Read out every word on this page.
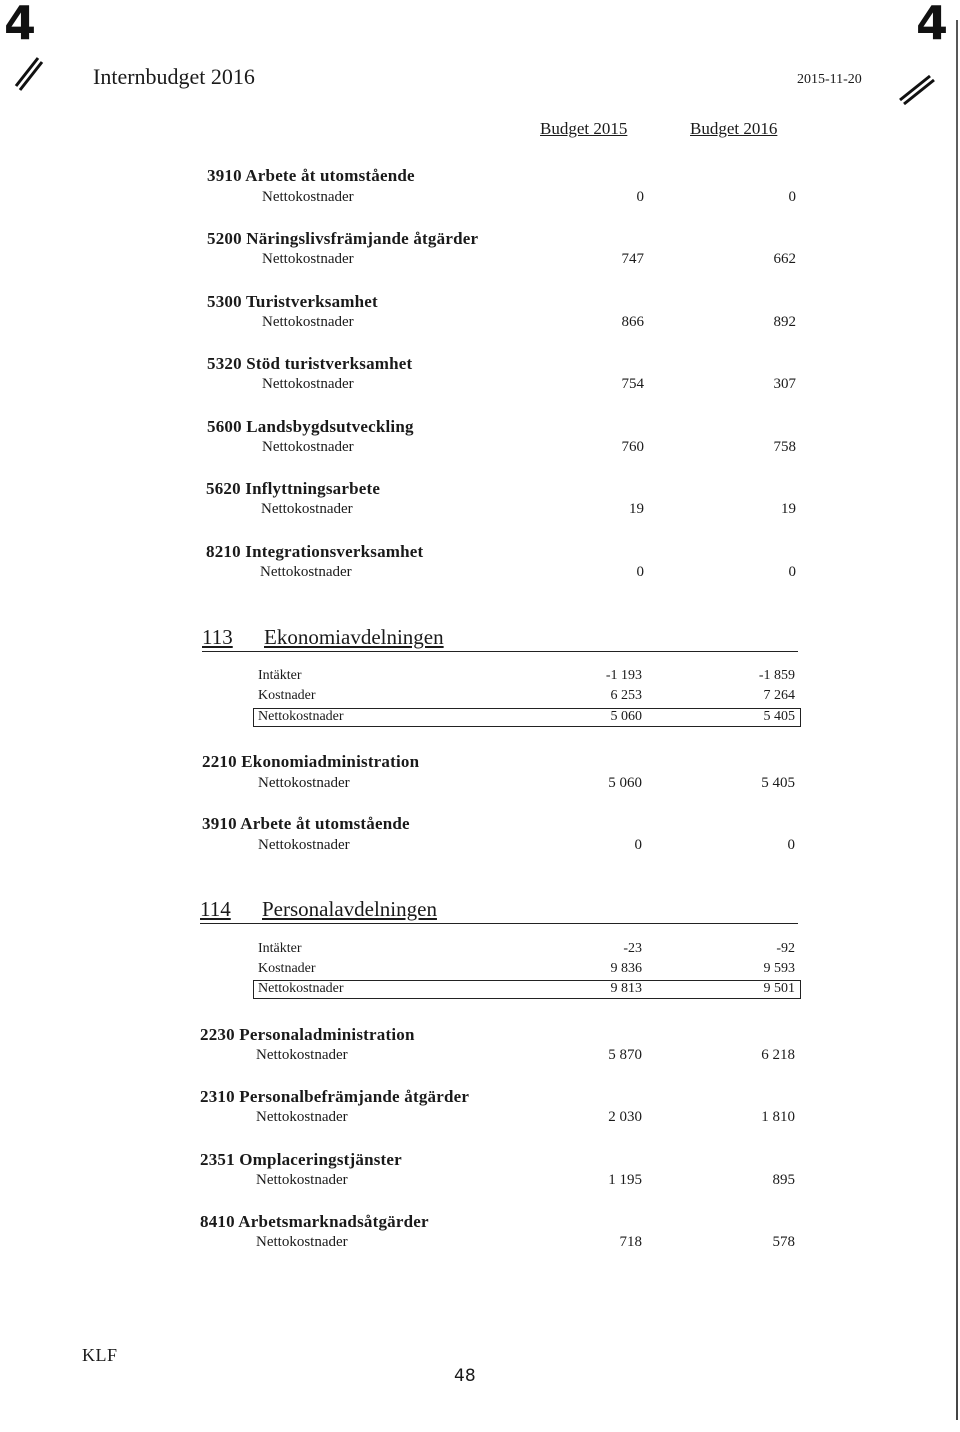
4	4
Internbudget 2016	2015-11-20
Budget 2015	Budget 2016
3910 Arbete åt utomstående
Nettokostnader	0	0
5200 Näringslivsfrämjande åtgärder
Nettokostnader	747	662
5300 Turistverksamhet
Nettokostnader	866	892
5320 Stöd turistverksamhet
Nettokostnader	754	307
5600 Landsbygdsutveckling
Nettokostnader	760	758
5620 Inflyttningsarbete
Nettokostnader	19	19
8210 Integrationsverksamhet
Nettokostnader	0	0
113 Ekonomiavdelningen
Intäkter	-1 193	-1 859
Kostnader	6 253	7 264
Nettokostnader	5 060	5 405
2210 Ekonomiadministration
Nettokostnader	5 060	5 405
3910 Arbete åt utomstående
Nettokostnader	0	0
114 Personalavdelningen
Intäkter	-23	-92
Kostnader	9 836	9 593
Nettokostnader	9 813	9 501
2230 Personaladministration
Nettokostnader	5 870	6 218
2310 Personalbefrämjande åtgärder
Nettokostnader	2 030	1 810
2351 Omplaceringstjänster
Nettokostnader	1 195	895
8410 Arbetsmarknadsåtgärder
Nettokostnader	718	578
KLF
48
